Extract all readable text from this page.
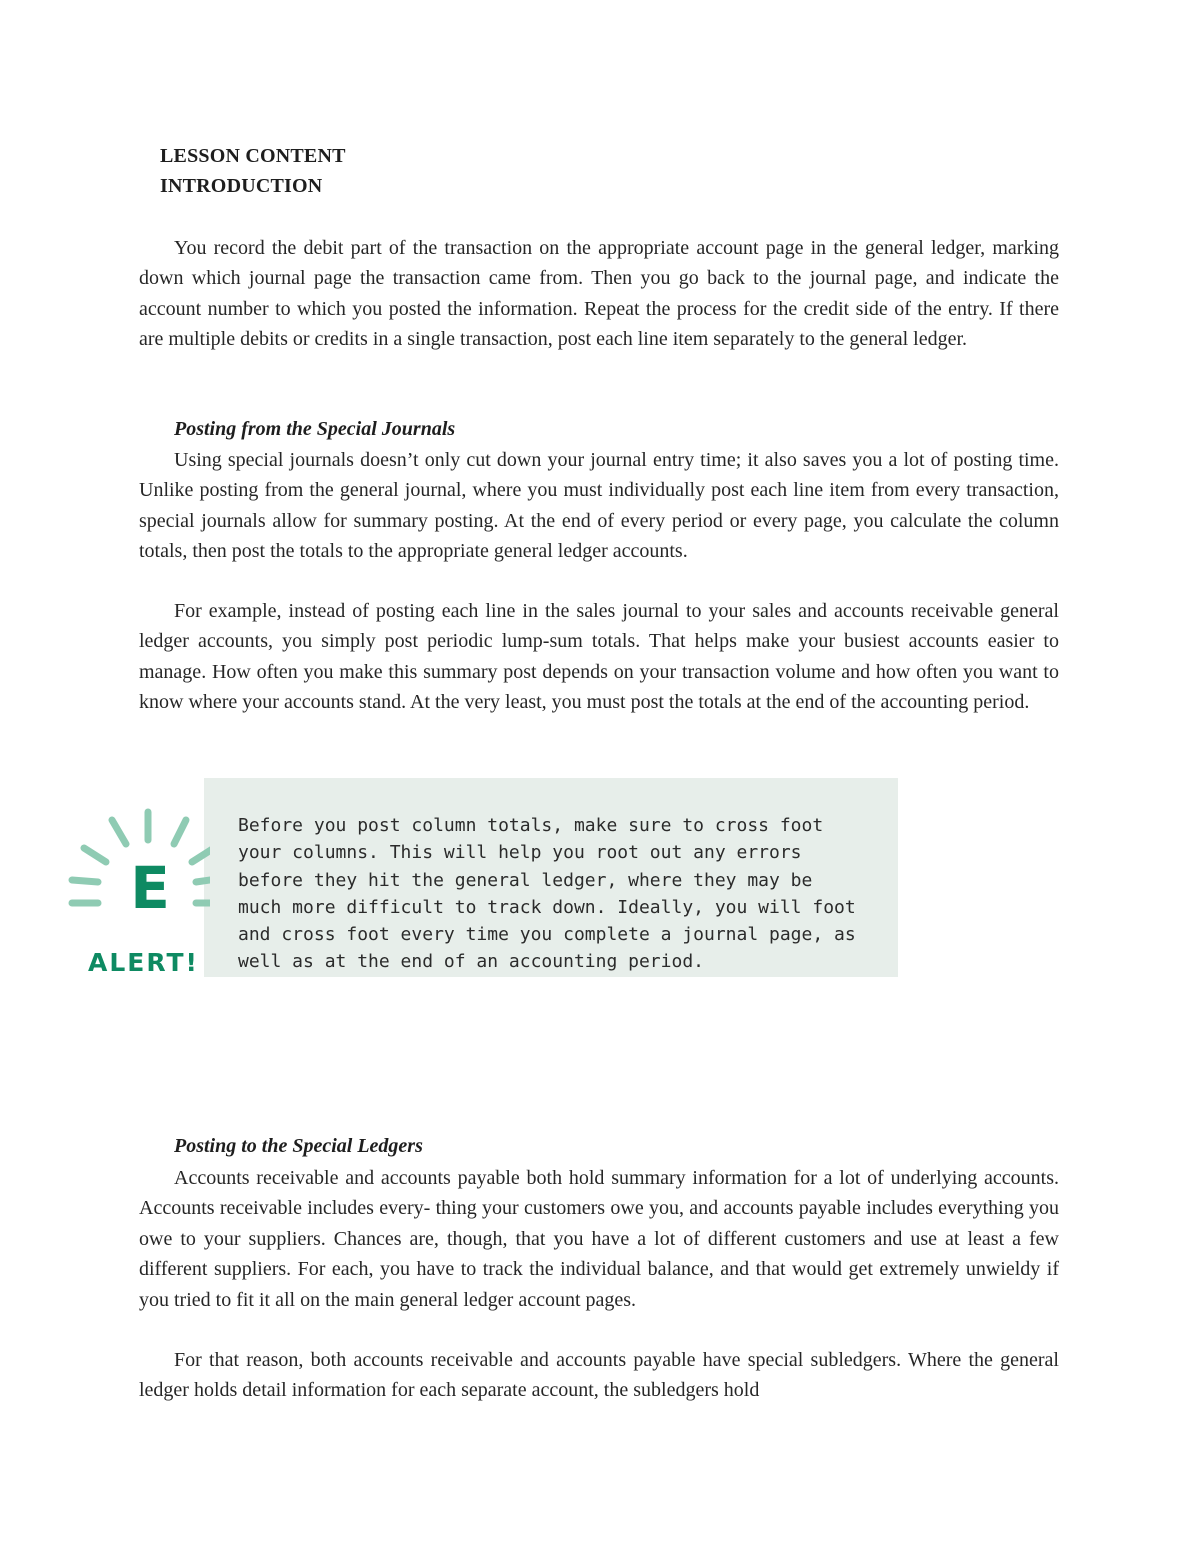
LESSON CONTENT
INTRODUCTION

You record the debit part of the transaction on the appropriate account page in the general ledger, marking down which journal page the transaction came from. Then you go back to the journal page, and indicate the account number to which you posted the information. Repeat the process for the credit side of the entry. If there are multiple debits or credits in a single transaction, post each line item separately to the general ledger.

Posting from the Special Journals

Using special journals doesn’t only cut down your journal entry time; it also saves you a lot of posting time. Unlike posting from the general journal, where you must individually post each line item from every transaction, special journals allow for summary posting. At the end of every period or every page, you calculate the column totals, then post the totals to the appropriate general ledger accounts.

For example, instead of posting each line in the sales journal to your sales and accounts receivable general ledger accounts, you simply post periodic lump-sum totals. That helps make your busiest accounts easier to manage. How often you make this summary post depends on your transaction volume and how often you want to know where your accounts stand. At the very least, you must post the totals at the end of the accounting period.

E
ALERT!

Before you post column totals, make sure to cross foot your columns. This will help you root out any errors before they hit the general ledger, where they may be much more difficult to track down. Ideally, you will foot and cross foot every time you complete a journal page, as well as at the end of an accounting period.

Posting to the Special Ledgers

Accounts receivable and accounts payable both hold summary information for a lot of underlying accounts. Accounts receivable includes every- thing your customers owe you, and accounts payable includes everything you owe to your suppliers. Chances are, though, that you have a lot of different customers and use at least a few different suppliers. For each, you have to track the individual balance, and that would get extremely unwieldy if you tried to fit it all on the main general ledger account pages.

For that reason, both accounts receivable and accounts payable have special subledgers. Where the general ledger holds detail information for each separate account, the subledgers hold
